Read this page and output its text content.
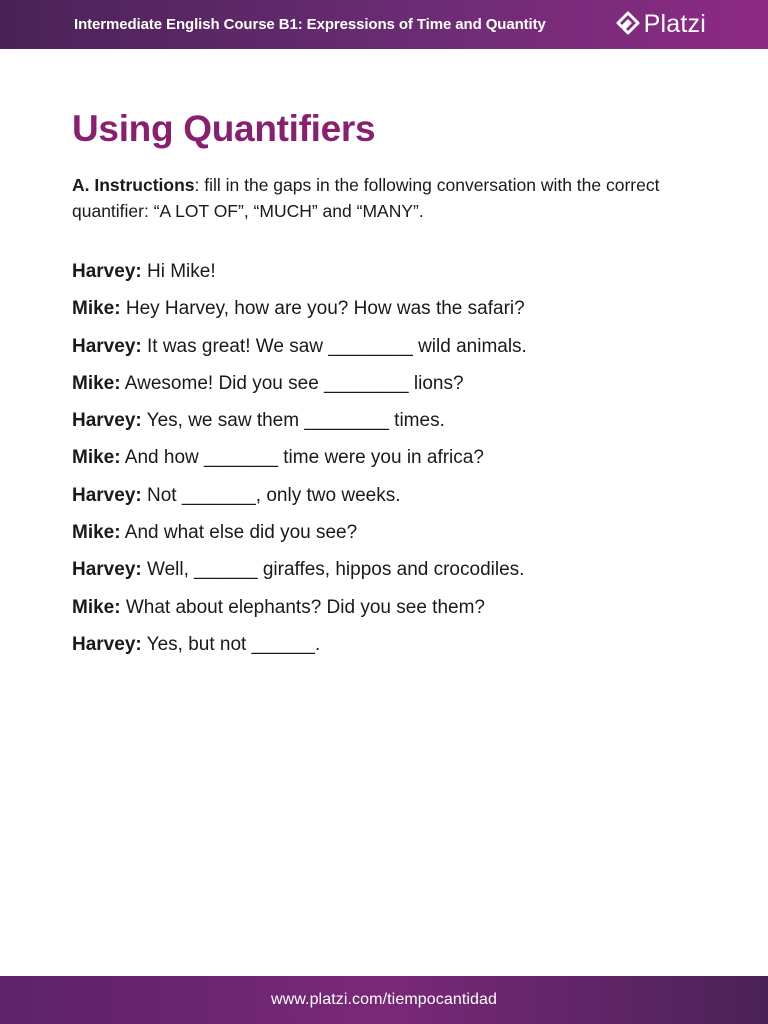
Intermediate English Course B1: Expressions of Time and Quantity	Platzi
Using Quantifiers

A. Instructions: fill in the gaps in the following conversation with the correct quantifier: “A LOT OF”, “MUCH” and “MANY”.

Harvey: Hi Mike!
Mike: Hey Harvey, how are you? How was the safari?
Harvey: It was great! We saw ________ wild animals.
Mike: Awesome! Did you see ________ lions?
Harvey: Yes, we saw them ________ times.
Mike: And how _______ time were you in africa?
Harvey: Not _______, only two weeks.
Mike: And what else did you see?
Harvey: Well, ______ giraffes, hippos and crocodiles.
Mike: What about elephants? Did you see them?
Harvey: Yes, but not ______.
www.platzi.com/tiempocantidad
